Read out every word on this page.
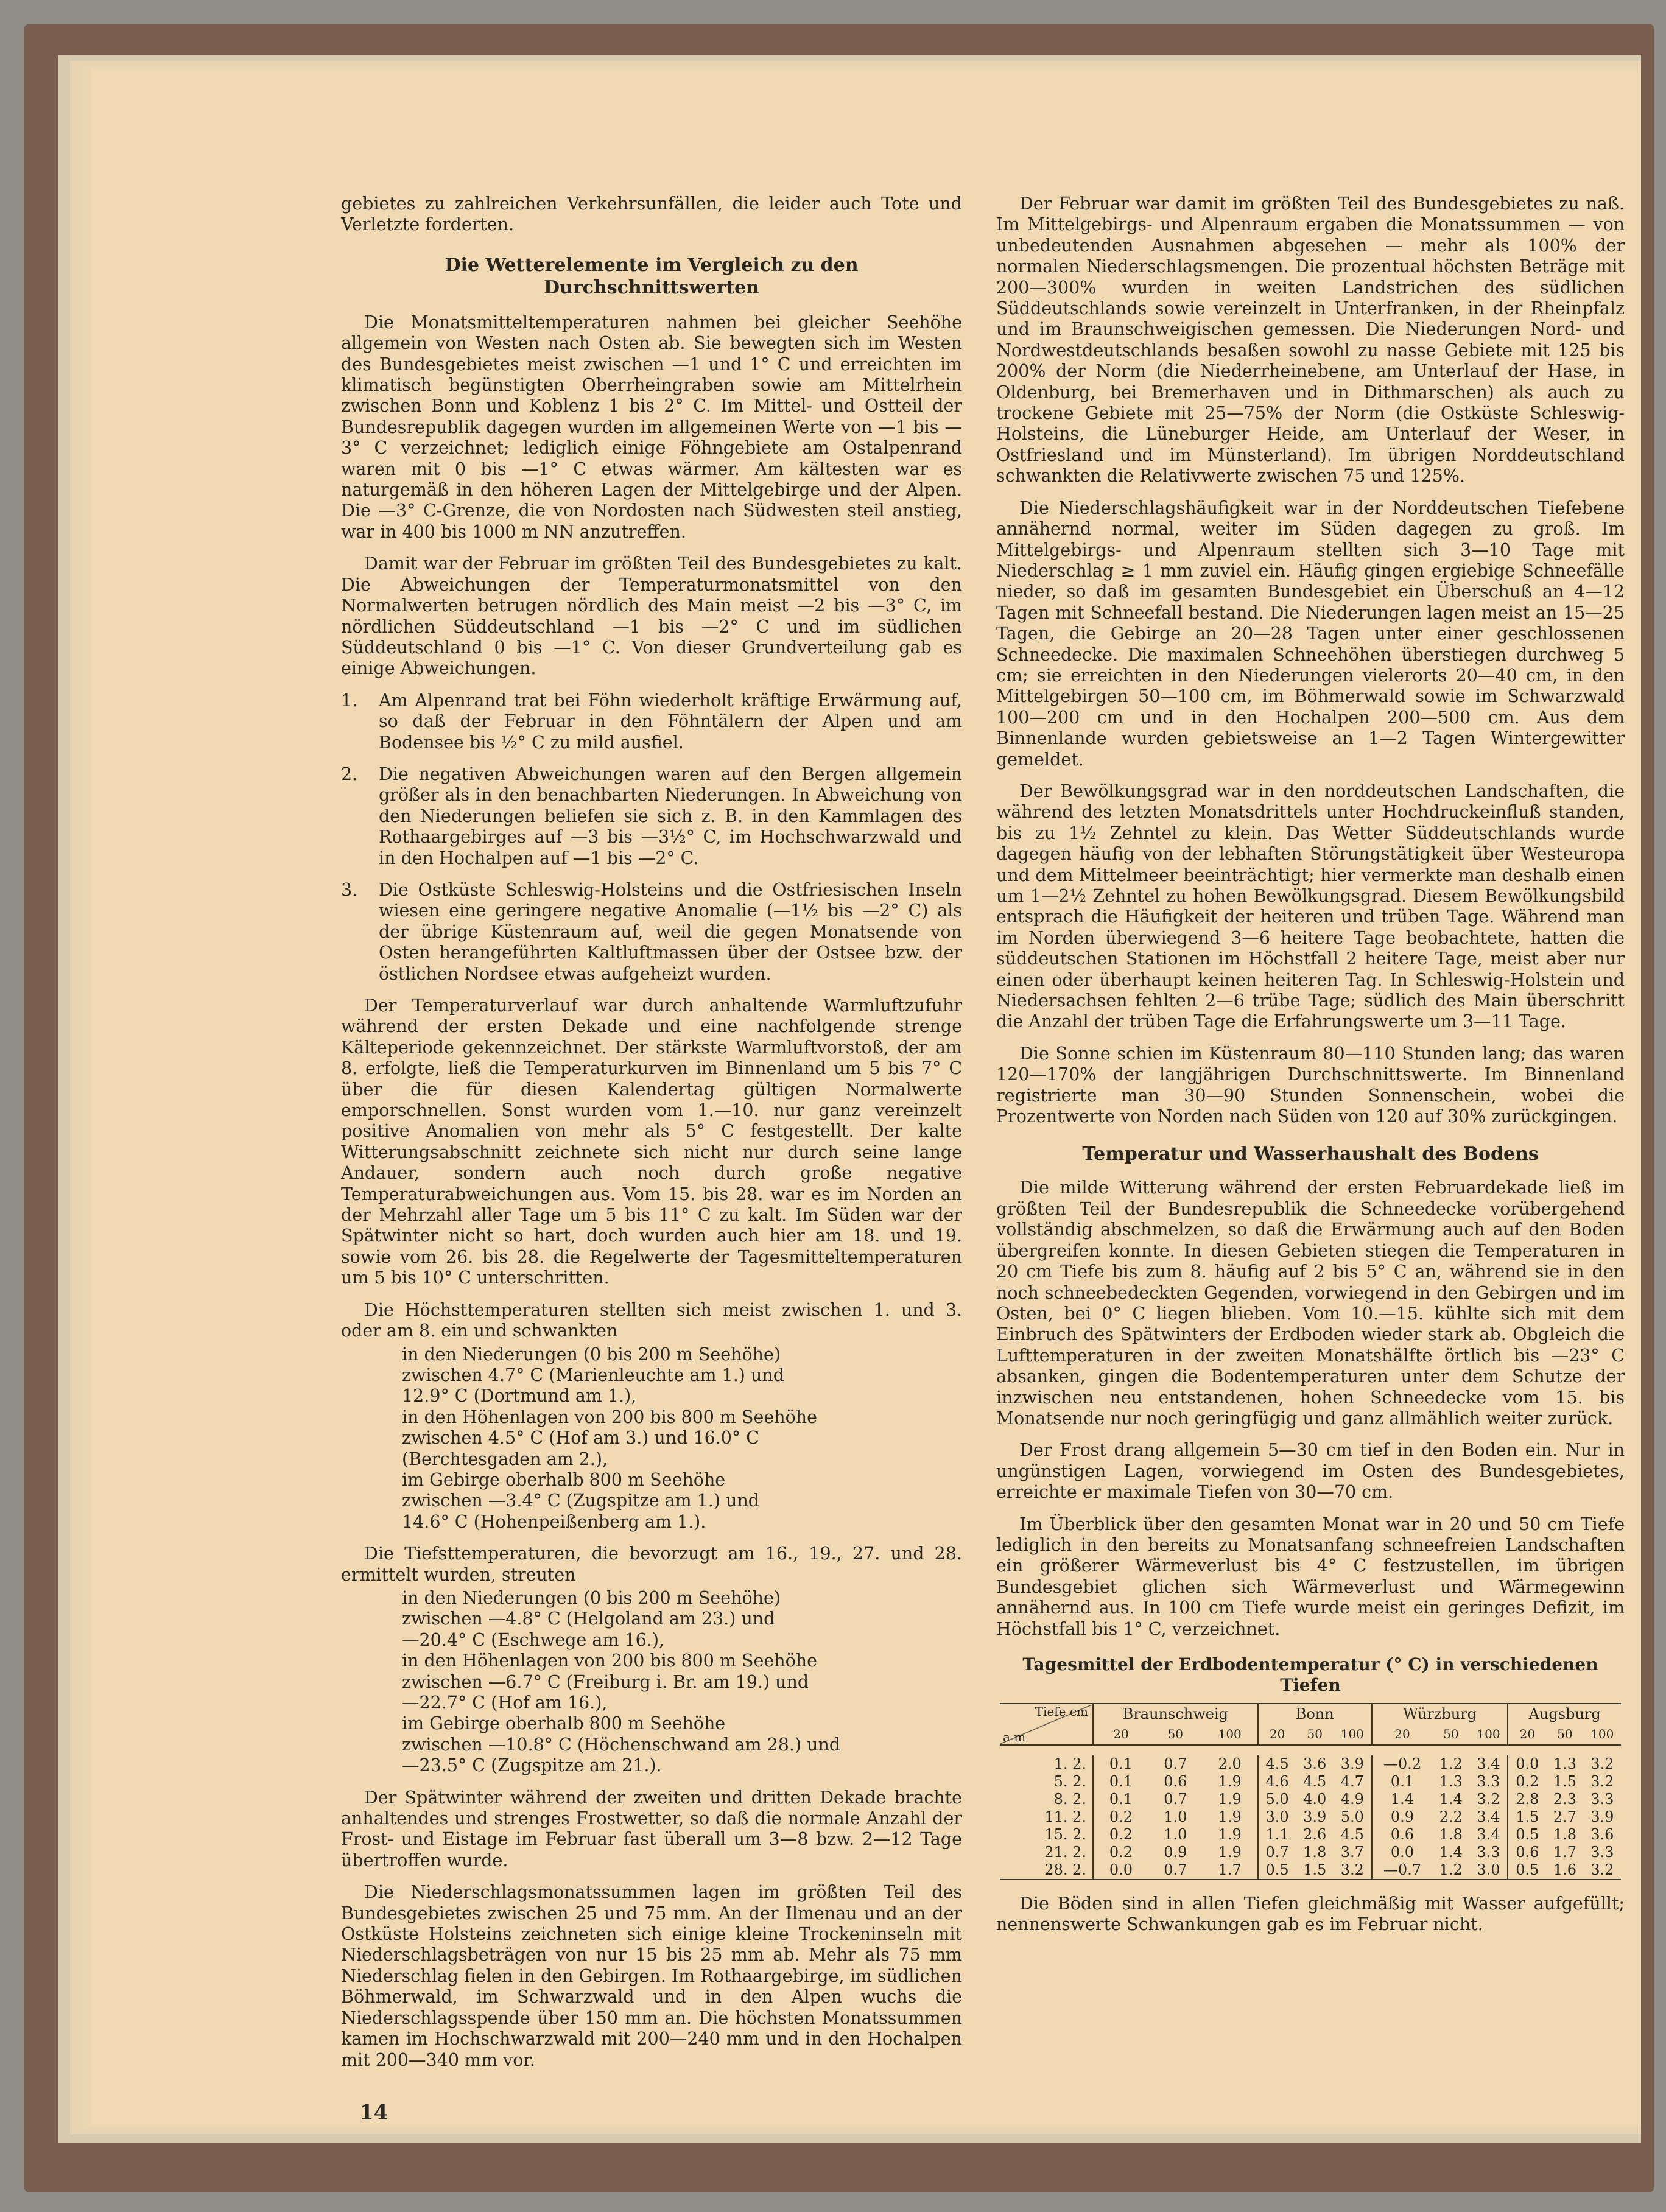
gebietes zu zahlreichen Verkehrsunfällen, die leider auch Tote und Verletzte forderten.

Die Wetterelemente im Vergleich zu den Durchschnittswerten

Die Monatsmitteltemperaturen nahmen bei gleicher Seehöhe allgemein von Westen nach Osten ab. Sie bewegten sich im Westen des Bundesgebietes meist zwischen —1 und 1° C und erreichten im klimatisch begünstigten Oberrheingraben sowie am Mittelrhein zwischen Bonn und Koblenz 1 bis 2° C. Im Mittel- und Ostteil der Bundesrepublik dagegen wurden im allgemeinen Werte von —1 bis —3° C verzeichnet; lediglich einige Föhngebiete am Ostalpenrand waren mit 0 bis —1° C etwas wärmer. Am kältesten war es naturgemäß in den höheren Lagen der Mittelgebirge und der Alpen. Die —3° C-Grenze, die von Nordosten nach Südwesten steil anstieg, war in 400 bis 1000 m NN anzutreffen.

Damit war der Februar im größten Teil des Bundesgebietes zu kalt. Die Abweichungen der Temperaturmonatsmittel von den Normalwerten betrugen nördlich des Main meist —2 bis —3° C, im nördlichen Süddeutschland —1 bis —2° C und im südlichen Süddeutschland 0 bis —1° C. Von dieser Grundverteilung gab es einige Abweichungen.

1.	Am Alpenrand trat bei Föhn wiederholt kräftige Erwärmung auf, so daß der Februar in den Föhntälern der Alpen und am Bodensee bis ½° C zu mild ausfiel.
2.	Die negativen Abweichungen waren auf den Bergen allgemein größer als in den benachbarten Niederungen. In Abweichung von den Niederungen beliefen sie sich z. B. in den Kammlagen des Rothaargebirges auf —3 bis —3½° C, im Hochschwarzwald und in den Hochalpen auf —1 bis —2° C.
3.	Die Ostküste Schleswig-Holsteins und die Ostfriesischen Inseln wiesen eine geringere negative Anomalie (—1½ bis —2° C) als der übrige Küstenraum auf, weil die gegen Monatsende von Osten herangeführten Kaltluftmassen über der Ostsee bzw. der östlichen Nordsee etwas aufgeheizt wurden.

Der Temperaturverlauf war durch anhaltende Warmluftzufuhr während der ersten Dekade und eine nachfolgende strenge Kälteperiode gekennzeichnet. Der stärkste Warmluftvorstoß, der am 8. erfolgte, ließ die Temperaturkurven im Binnenland um 5 bis 7° C über die für diesen Kalendertag gültigen Normalwerte emporschnellen. Sonst wurden vom 1.—10. nur ganz vereinzelt positive Anomalien von mehr als 5° C festgestellt. Der kalte Witterungsabschnitt zeichnete sich nicht nur durch seine lange Andauer, sondern auch noch durch große negative Temperaturabweichungen aus. Vom 15. bis 28. war es im Norden an der Mehrzahl aller Tage um 5 bis 11° C zu kalt. Im Süden war der Spätwinter nicht so hart, doch wurden auch hier am 18. und 19. sowie vom 26. bis 28. die Regelwerte der Tagesmitteltemperaturen um 5 bis 10° C unterschritten.

Die Höchsttemperaturen stellten sich meist zwischen 1. und 3. oder am 8. ein und schwankten

in den Niederungen (0 bis 200 m Seehöhe)
zwischen 4.7° C (Marienleuchte am 1.) und
12.9° C (Dortmund am 1.),
in den Höhenlagen von 200 bis 800 m Seehöhe
zwischen 4.5° C (Hof am 3.) und 16.0° C
(Berchtesgaden am 2.),
im Gebirge oberhalb 800 m Seehöhe
zwischen —3.4° C (Zugspitze am 1.) und
14.6° C (Hohenpeißenberg am 1.).

Die Tiefsttemperaturen, die bevorzugt am 16., 19., 27. und 28. ermittelt wurden, streuten

in den Niederungen (0 bis 200 m Seehöhe)
zwischen —4.8° C (Helgoland am 23.) und
—20.4° C (Eschwege am 16.),
in den Höhenlagen von 200 bis 800 m Seehöhe
zwischen —6.7° C (Freiburg i. Br. am 19.) und
—22.7° C (Hof am 16.),
im Gebirge oberhalb 800 m Seehöhe
zwischen —10.8° C (Höchenschwand am 28.) und
—23.5° C (Zugspitze am 21.).

Der Spätwinter während der zweiten und dritten Dekade brachte anhaltendes und strenges Frostwetter, so daß die normale Anzahl der Frost- und Eistage im Februar fast überall um 3—8 bzw. 2—12 Tage übertroffen wurde.

Die Niederschlagsmonatssummen lagen im größten Teil des Bundesgebietes zwischen 25 und 75 mm. An der Ilmenau und an der Ostküste Holsteins zeichneten sich einige kleine Trockeninseln mit Niederschlagsbeträgen von nur 15 bis 25 mm ab. Mehr als 75 mm Niederschlag fielen in den Gebirgen. Im Rothaargebirge, im südlichen Böhmerwald, im Schwarzwald und in den Alpen wuchs die Niederschlagsspende über 150 mm an. Die höchsten Monatssummen kamen im Hochschwarzwald mit 200—240 mm und in den Hochalpen mit 200—340 mm vor.

Der Februar war damit im größten Teil des Bundesgebietes zu naß. Im Mittelgebirgs- und Alpenraum ergaben die Monatssummen — von unbedeutenden Ausnahmen abgesehen — mehr als 100% der normalen Niederschlagsmengen. Die prozentual höchsten Beträge mit 200—300% wurden in weiten Landstrichen des südlichen Süddeutschlands sowie vereinzelt in Unterfranken, in der Rheinpfalz und im Braunschweigischen gemessen. Die Niederungen Nord- und Nordwestdeutschlands besaßen sowohl zu nasse Gebiete mit 125 bis 200% der Norm (die Niederrheinebene, am Unterlauf der Hase, in Oldenburg, bei Bremerhaven und in Dithmarschen) als auch zu trockene Gebiete mit 25—75% der Norm (die Ostküste Schleswig-Holsteins, die Lüneburger Heide, am Unterlauf der Weser, in Ostfriesland und im Münsterland). Im übrigen Norddeutschland schwankten die Relativwerte zwischen 75 und 125%.

Die Niederschlagshäufigkeit war in der Norddeutschen Tiefebene annähernd normal, weiter im Süden dagegen zu groß. Im Mittelgebirgs- und Alpenraum stellten sich 3—10 Tage mit Niederschlag ≥ 1 mm zuviel ein. Häufig gingen ergiebige Schneefälle nieder, so daß im gesamten Bundesgebiet ein Überschuß an 4—12 Tagen mit Schneefall bestand. Die Niederungen lagen meist an 15—25 Tagen, die Gebirge an 20—28 Tagen unter einer geschlossenen Schneedecke. Die maximalen Schneehöhen überstiegen durchweg 5 cm; sie erreichten in den Niederungen vielerorts 20—40 cm, in den Mittelgebirgen 50—100 cm, im Böhmerwald sowie im Schwarzwald 100—200 cm und in den Hochalpen 200—500 cm. Aus dem Binnenlande wurden gebietsweise an 1—2 Tagen Wintergewitter gemeldet.

Der Bewölkungsgrad war in den norddeutschen Landschaften, die während des letzten Monatsdrittels unter Hochdruckeinfluß standen, bis zu 1½ Zehntel zu klein. Das Wetter Süddeutschlands wurde dagegen häufig von der lebhaften Störungstätigkeit über Westeuropa und dem Mittelmeer beeinträchtigt; hier vermerkte man deshalb einen um 1—2½ Zehntel zu hohen Bewölkungsgrad. Diesem Bewölkungsbild entsprach die Häufigkeit der heiteren und trüben Tage. Während man im Norden überwiegend 3—6 heitere Tage beobachtete, hatten die süddeutschen Stationen im Höchstfall 2 heitere Tage, meist aber nur einen oder überhaupt keinen heiteren Tag. In Schleswig-Holstein und Niedersachsen fehlten 2—6 trübe Tage; südlich des Main überschritt die Anzahl der trüben Tage die Erfahrungswerte um 3—11 Tage.

Die Sonne schien im Küstenraum 80—110 Stunden lang; das waren 120—170% der langjährigen Durchschnittswerte. Im Binnenland registrierte man 30—90 Stunden Sonnenschein, wobei die Prozentwerte von Norden nach Süden von 120 auf 30% zurückgingen.

Temperatur und Wasserhaushalt des Bodens

Die milde Witterung während der ersten Februardekade ließ im größten Teil der Bundesrepublik die Schneedecke vorübergehend vollständig abschmelzen, so daß die Erwärmung auch auf den Boden übergreifen konnte. In diesen Gebieten stiegen die Temperaturen in 20 cm Tiefe bis zum 8. häufig auf 2 bis 5° C an, während sie in den noch schneebedeckten Gegenden, vorwiegend in den Gebirgen und im Osten, bei 0° C liegen blieben. Vom 10.—15. kühlte sich mit dem Einbruch des Spätwinters der Erdboden wieder stark ab. Obgleich die Lufttemperaturen in der zweiten Monatshälfte örtlich bis —23° C absanken, gingen die Bodentemperaturen unter dem Schutze der inzwischen neu entstandenen, hohen Schneedecke vom 15. bis Monatsende nur noch geringfügig und ganz allmählich weiter zurück.

Der Frost drang allgemein 5—30 cm tief in den Boden ein. Nur in ungünstigen Lagen, vorwiegend im Osten des Bundesgebietes, erreichte er maximale Tiefen von 30—70 cm.

Im Überblick über den gesamten Monat war in 20 und 50 cm Tiefe lediglich in den bereits zu Monatsanfang schneefreien Landschaften ein größerer Wärmeverlust bis 4° C festzustellen, im übrigen Bundesgebiet glichen sich Wärmeverlust und Wärmegewinn annähernd aus. In 100 cm Tiefe wurde meist ein geringes Defizit, im Höchstfall bis 1° C, verzeichnet.

Tagesmittel der Erdbodentemperatur (° C) in verschiedenen Tiefen
Tiefe cm
a m	Braunschweig			Bonn			Würzburg			Augsburg		
	20	50	100	20	50	100	20	50	100	20	50	100

1. 2.	0.1	0.7	2.0	4.5	3.6	3.9	—0.2	1.2	3.4	0.0	1.3	3.2
5. 2.	0.1	0.6	1.9	4.6	4.5	4.7	0.1	1.3	3.3	0.2	1.5	3.2
8. 2.	0.1	0.7	1.9	5.0	4.0	4.9	1.4	1.4	3.2	2.8	2.3	3.3
11. 2.	0.2	1.0	1.9	3.0	3.9	5.0	0.9	2.2	3.4	1.5	2.7	3.9
15. 2.	0.2	1.0	1.9	1.1	2.6	4.5	0.6	1.8	3.4	0.5	1.8	3.6
21. 2.	0.2	0.9	1.9	0.7	1.8	3.7	0.0	1.4	3.3	0.6	1.7	3.3
28. 2.	0.0	0.7	1.7	0.5	1.5	3.2	—0.7	1.2	3.0	0.5	1.6	3.2

Die Böden sind in allen Tiefen gleichmäßig mit Wasser aufgefüllt; nennenswerte Schwankungen gab es im Februar nicht.

14
